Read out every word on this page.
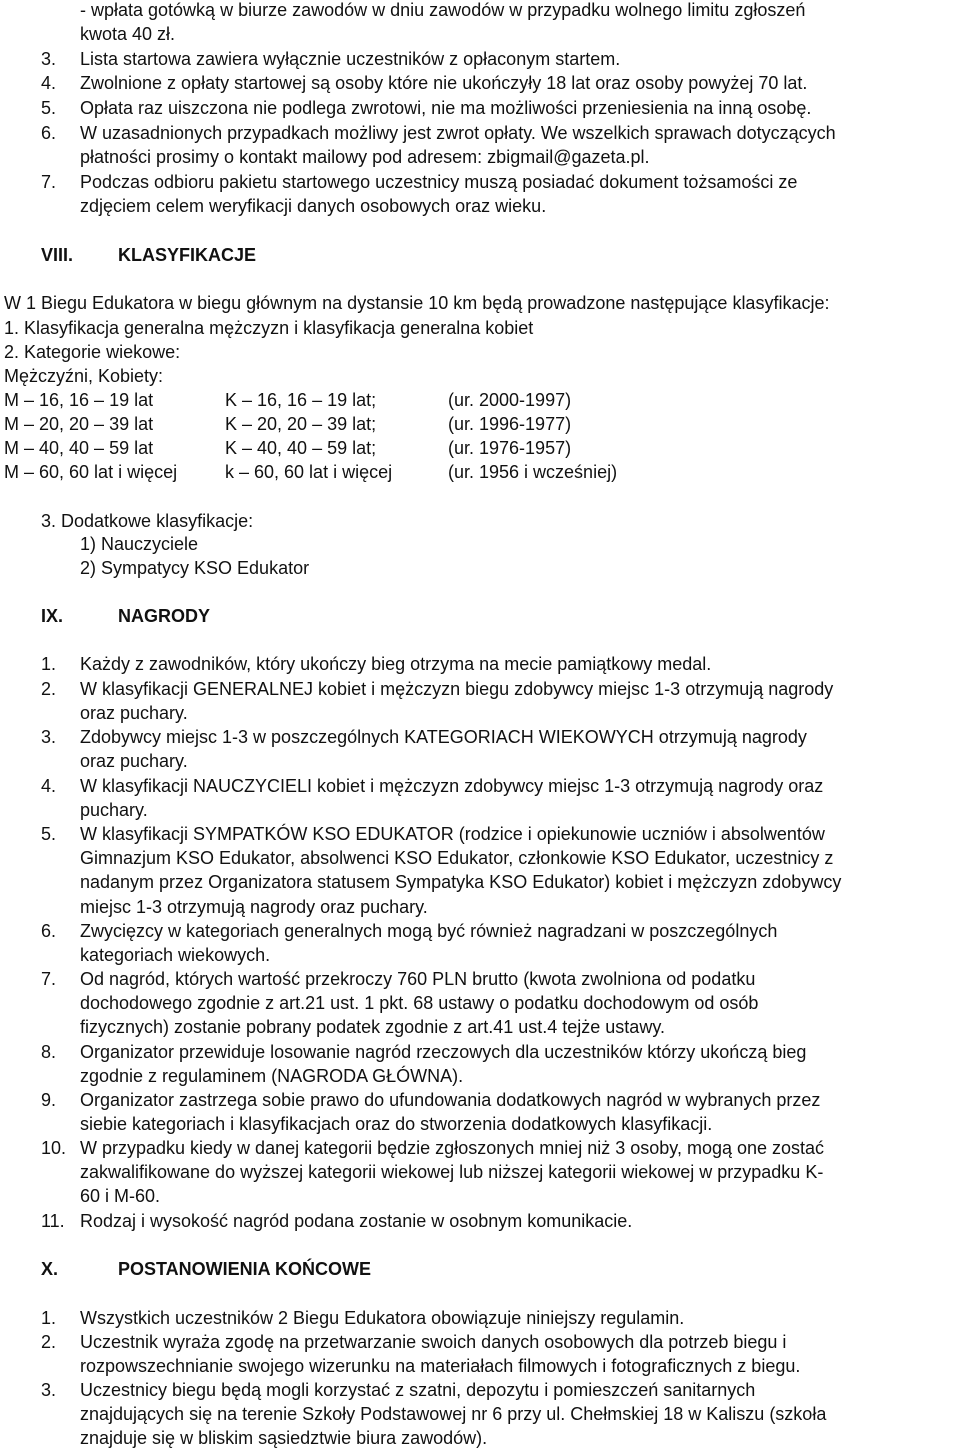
- wpłata gotówką w biurze zawodów w dniu zawodów w przypadku wolnego limitu zgłoszeń
kwota 40 zł.
3. Lista startowa zawiera wyłącznie uczestników z opłaconym startem.
4. Zwolnione z opłaty startowej są osoby które nie ukończyły 18 lat oraz osoby powyżej 70 lat.
5. Opłata raz uiszczona nie podlega zwrotowi, nie ma możliwości przeniesienia na inną osobę.
6. W uzasadnionych przypadkach możliwy jest zwrot opłaty. We wszelkich sprawach dotyczących
płatności prosimy o kontakt mailowy pod adresem: zbigmail@gazeta.pl.
7. Podczas odbioru pakietu startowego uczestnicy muszą posiadać dokument tożsamości ze
zdjęciem celem weryfikacji danych osobowych oraz wieku.
VIII. KLASYFIKACJE
W 1 Biegu Edukatora w biegu głównym na dystansie 10 km będą prowadzone następujące klasyfikacje:
1. Klasyfikacja generalna mężczyzn i klasyfikacja generalna kobiet
2. Kategorie wiekowe:
Mężczyźni, Kobiety:
M – 16, 16 – 19 lat	K – 16, 16 – 19 lat;	(ur. 2000-1997)
M – 20, 20 – 39 lat	K – 20, 20 – 39 lat;	(ur. 1996-1977)
M – 40, 40 – 59 lat	K – 40, 40 – 59 lat;	(ur. 1976-1957)
M – 60, 60 lat i więcej	k – 60, 60 lat i więcej	(ur. 1956 i wcześniej)
3. Dodatkowe klasyfikacje:
1) Nauczyciele
2) Sympatycy KSO Edukator
IX.	NAGRODY
1. Każdy z zawodników, który ukończy bieg otrzyma na mecie pamiątkowy medal.
2. W klasyfikacji GENERALNEJ kobiet i mężczyzn biegu zdobywcy miejsc 1-3 otrzymują nagrody
oraz puchary.
3. Zdobywcy miejsc 1-3 w poszczególnych KATEGORIACH WIEKOWYCH otrzymują nagrody
oraz puchary.
4. W klasyfikacji NAUCZYCIELI kobiet i mężczyzn zdobywcy miejsc 1-3 otrzymują nagrody oraz
puchary.
5. W klasyfikacji SYMPATKÓW KSO EDUKATOR (rodzice i opiekunowie uczniów i absolwentów
Gimnazjum KSO Edukator, absolwenci KSO Edukator, członkowie KSO Edukator, uczestnicy z
nadanym przez Organizatora statusem Sympatyka KSO Edukator) kobiet i mężczyzn zdobywcy
miejsc 1-3 otrzymują nagrody oraz puchary.
6. Zwycięzcy w kategoriach generalnych mogą być również nagradzani w poszczególnych
kategoriach wiekowych.
7. Od nagród, których wartość przekroczy 760 PLN brutto (kwota zwolniona od podatku
dochodowego zgodnie z art.21 ust. 1 pkt. 68 ustawy o podatku dochodowym od osób
fizycznych) zostanie pobrany podatek zgodnie z art.41 ust.4 tejże ustawy.
8. Organizator przewiduje losowanie nagród rzeczowych dla uczestników którzy ukończą bieg
zgodnie z regulaminem (NAGRODA GŁÓWNA).
9. Organizator zastrzega sobie prawo do ufundowania dodatkowych nagród w wybranych przez
siebie kategoriach i klasyfikacjach oraz do stworzenia dodatkowych klasyfikacji.
10. W przypadku kiedy w danej kategorii będzie zgłoszonych mniej niż 3 osoby, mogą one zostać
zakwalifikowane do wyższej kategorii wiekowej lub niższej kategorii wiekowej w przypadku K-
60 i M-60.
11. Rodzaj i wysokość nagród podana zostanie w osobnym komunikacie.
X.	POSTANOWIENIA KOŃCOWE
1. Wszystkich uczestników 2 Biegu Edukatora obowiązuje niniejszy regulamin.
2. Uczestnik wyraża zgodę na przetwarzanie swoich danych osobowych dla potrzeb biegu i
rozpowszechnianie swojego wizerunku na materiałach filmowych i fotograficznych z biegu.
3. Uczestnicy biegu będą mogli korzystać z szatni, depozytu i pomieszczeń sanitarnych
znajdujących się na terenie Szkoły Podstawowej nr 6 przy ul. Chełmskiej 18 w Kaliszu (szkoła
znajduje się w bliskim sąsiedztwie biura zawodów).
